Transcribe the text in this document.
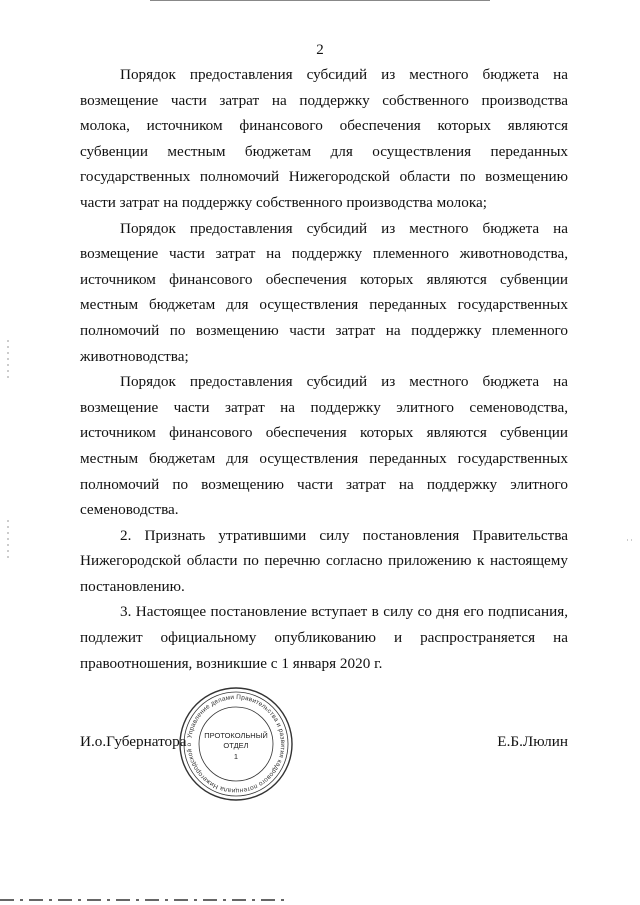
2

Порядок предоставления субсидий из местного бюджета на возмещение части затрат на поддержку собственного производства молока, источником финансового обеспечения которых являются субвенции местным бюджетам для осуществления переданных государственных полномочий Нижегородской области по возмещению части затрат на поддержку собственного производства молока;

Порядок предоставления субсидий из местного бюджета на возмещение части затрат на поддержку племенного животноводства, источником финансового обеспечения которых являются субвенции местным бюджетам для осуществления переданных государственных полномочий по возмещению части затрат на поддержку племенного животноводства;

Порядок предоставления субсидий из местного бюджета на возмещение части затрат на поддержку элитного семеноводства, источником финансового обеспечения которых являются субвенции местным бюджетам для осуществления переданных государственных полномочий по возмещению части затрат на поддержку элитного семеноводства.

2. Признать утратившими силу постановления Правительства Нижегородской области по перечню согласно приложению к настоящему постановлению.

3. Настоящее постановление вступает в силу со дня его подписания, подлежит официальному опубликованию и распространяется на правоотношения, возникшие с 1 января 2020 г.

И.о.Губернатора	Е.Б.Люлин
Управление делами Правительства и развития кадрового потенциала Нижегородской о
ПРОТОКОЛЬНЫЙ
ОТДЕЛ
1
